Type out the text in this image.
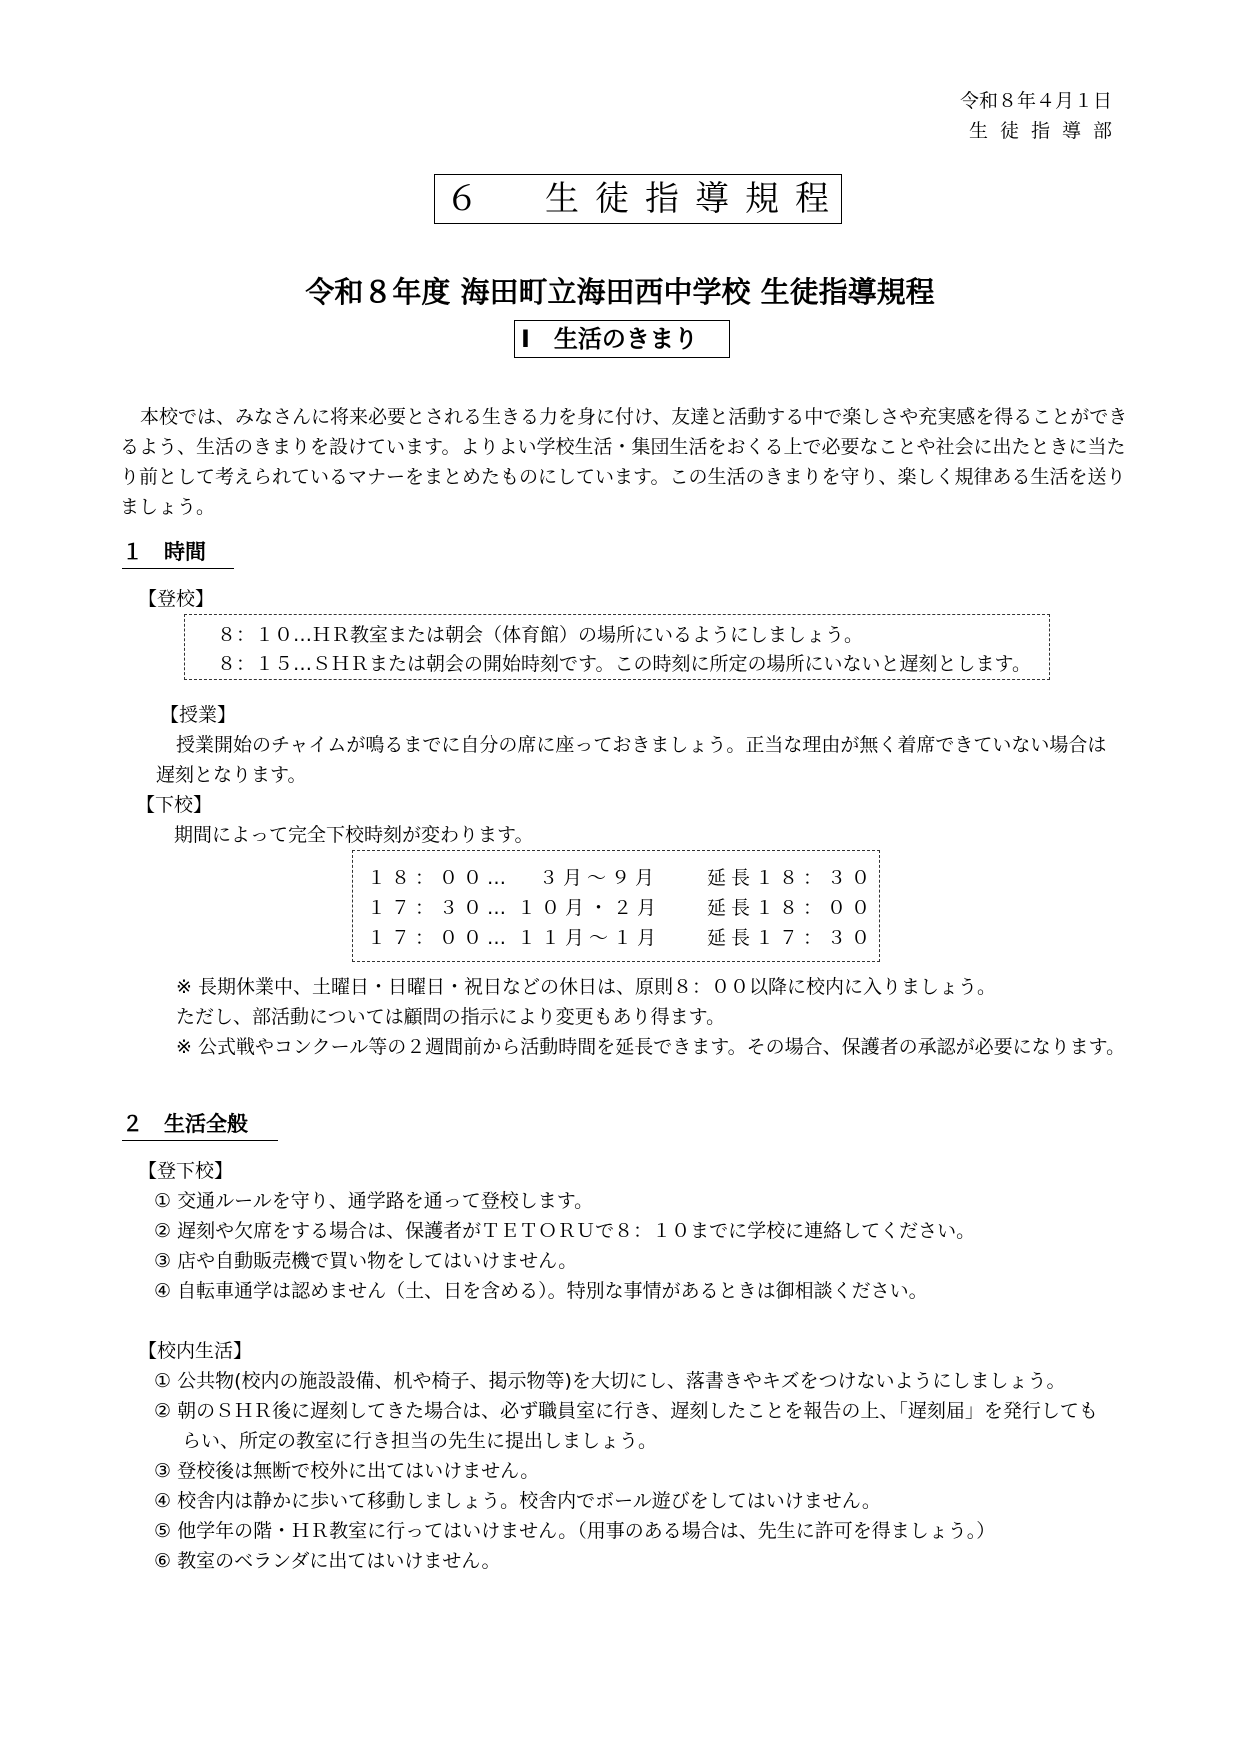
令和８年４月１日
生徒指導部
６　生徒指導規程
令和８年度 海田町立海田西中学校 生徒指導規程
Ⅰ　生活のきまり
本校では、みなさんに将来必要とされる生きる力を身に付け、友達と活動する中で楽しさや充実感を得ることができるよう、生活のきまりを設けています。よりよい学校生活・集団生活をおくる上で必要なことや社会に出たときに当たり前として考えられているマナーをまとめたものにしています。この生活のきまりを守り、楽しく規律ある生活を送りましょう。
１　時間
【登校】
８：１０…ＨＲ教室または朝会（体育館）の場所にいるようにしましょう。
８：１５…ＳＨＲまたは朝会の開始時刻です。この時刻に所定の場所にいないと遅刻とします。
【授業】
授業開始のチャイムが鳴るまでに自分の席に座っておきましょう。正当な理由が無く着席できていない場合は
遅刻となります。
【下校】
期間によって完全下校時刻が変わります。
１８：００…	３月～９月	延長１８：３０
１７：３０…	１０月・２月	延長１８：００
１７：００…	１１月～１月	延長１７：３０
※ 長期休業中、土曜日・日曜日・祝日などの休日は、原則８：００以降に校内に入りましょう。
ただし、部活動については顧問の指示により変更もあり得ます。
※ 公式戦やコンクール等の２週間前から活動時間を延長できます。その場合、保護者の承認が必要になります。
２　生活全般
【登下校】
① 交通ルールを守り、通学路を通って登校します。
② 遅刻や欠席をする場合は、保護者がＴＥＴＯＲＵで８：１０までに学校に連絡してください。
③ 店や自動販売機で買い物をしてはいけません。
④ 自転車通学は認めません（土、日を含める）。特別な事情があるときは御相談ください。
【校内生活】
① 公共物(校内の施設設備、机や椅子、掲示物等)を大切にし、落書きやキズをつけないようにしましょう。
② 朝のＳＨＲ後に遅刻してきた場合は、必ず職員室に行き、遅刻したことを報告の上、「遅刻届」を発行しても
らい、所定の教室に行き担当の先生に提出しましょう。
③ 登校後は無断で校外に出てはいけません。
④ 校舎内は静かに歩いて移動しましょう。校舎内でボール遊びをしてはいけません。
⑤ 他学年の階・ＨＲ教室に行ってはいけません。（用事のある場合は、先生に許可を得ましょう。）
⑥ 教室のベランダに出てはいけません。
